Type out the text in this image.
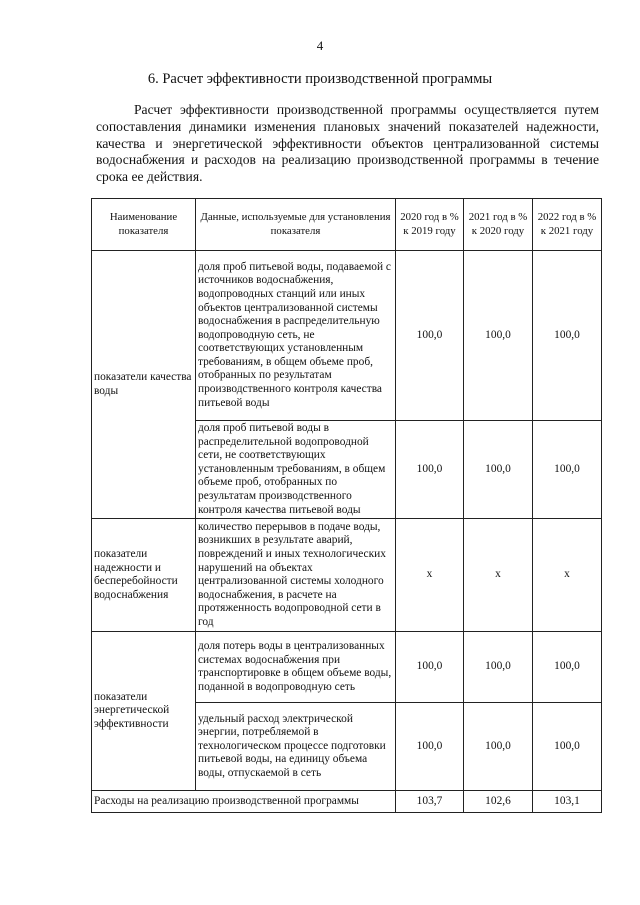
4
6. Расчет эффективности производственной программы

Расчет эффективности производственной программы осуществляется путем сопоставления динамики изменения плановых значений показателей надежности, качества и энергетической эффективности объектов централизованной системы водоснабжения и расходов на реализацию производственной программы в течение срока ее действия.

Наименование показателя	Данные, используемые для установления показателя	2020 год в % к 2019 году	2021 год в % к 2020 году	2022 год в % к 2021 году
показатели качества воды	доля проб питьевой воды, подаваемой с источников водоснабжения, водопроводных станций или иных объектов централизованной системы водоснабжения в распределительную водопроводную сеть, не соответствующих установленным требованиям, в общем объеме проб, отобранных по результатам производственного контроля качества питьевой воды	100,0	100,0	100,0
	доля проб питьевой воды в распределительной водопроводной сети, не соответствующих установленным требованиям, в общем объеме проб, отобранных по результатам производственного контроля качества питьевой воды	100,0	100,0	100,0
показатели надежности и бесперебойности водоснабжения	количество перерывов в подаче воды, возникших в результате аварий, повреждений и иных технологических нарушений на объектах централизованной системы холодного водоснабжения, в расчете на протяженность водопроводной сети в год	x	x	x
показатели энергетической эффективности	доля потерь воды в централизованных системах водоснабжения при транспортировке в общем объеме воды, поданной в водопроводную сеть	100,0	100,0	100,0
	удельный расход электрической энергии, потребляемой в технологическом процессе подготовки питьевой воды, на единицу объема воды, отпускаемой в сеть	100,0	100,0	100,0
Расходы на реализацию производственной программы		103,7	102,6	103,1
